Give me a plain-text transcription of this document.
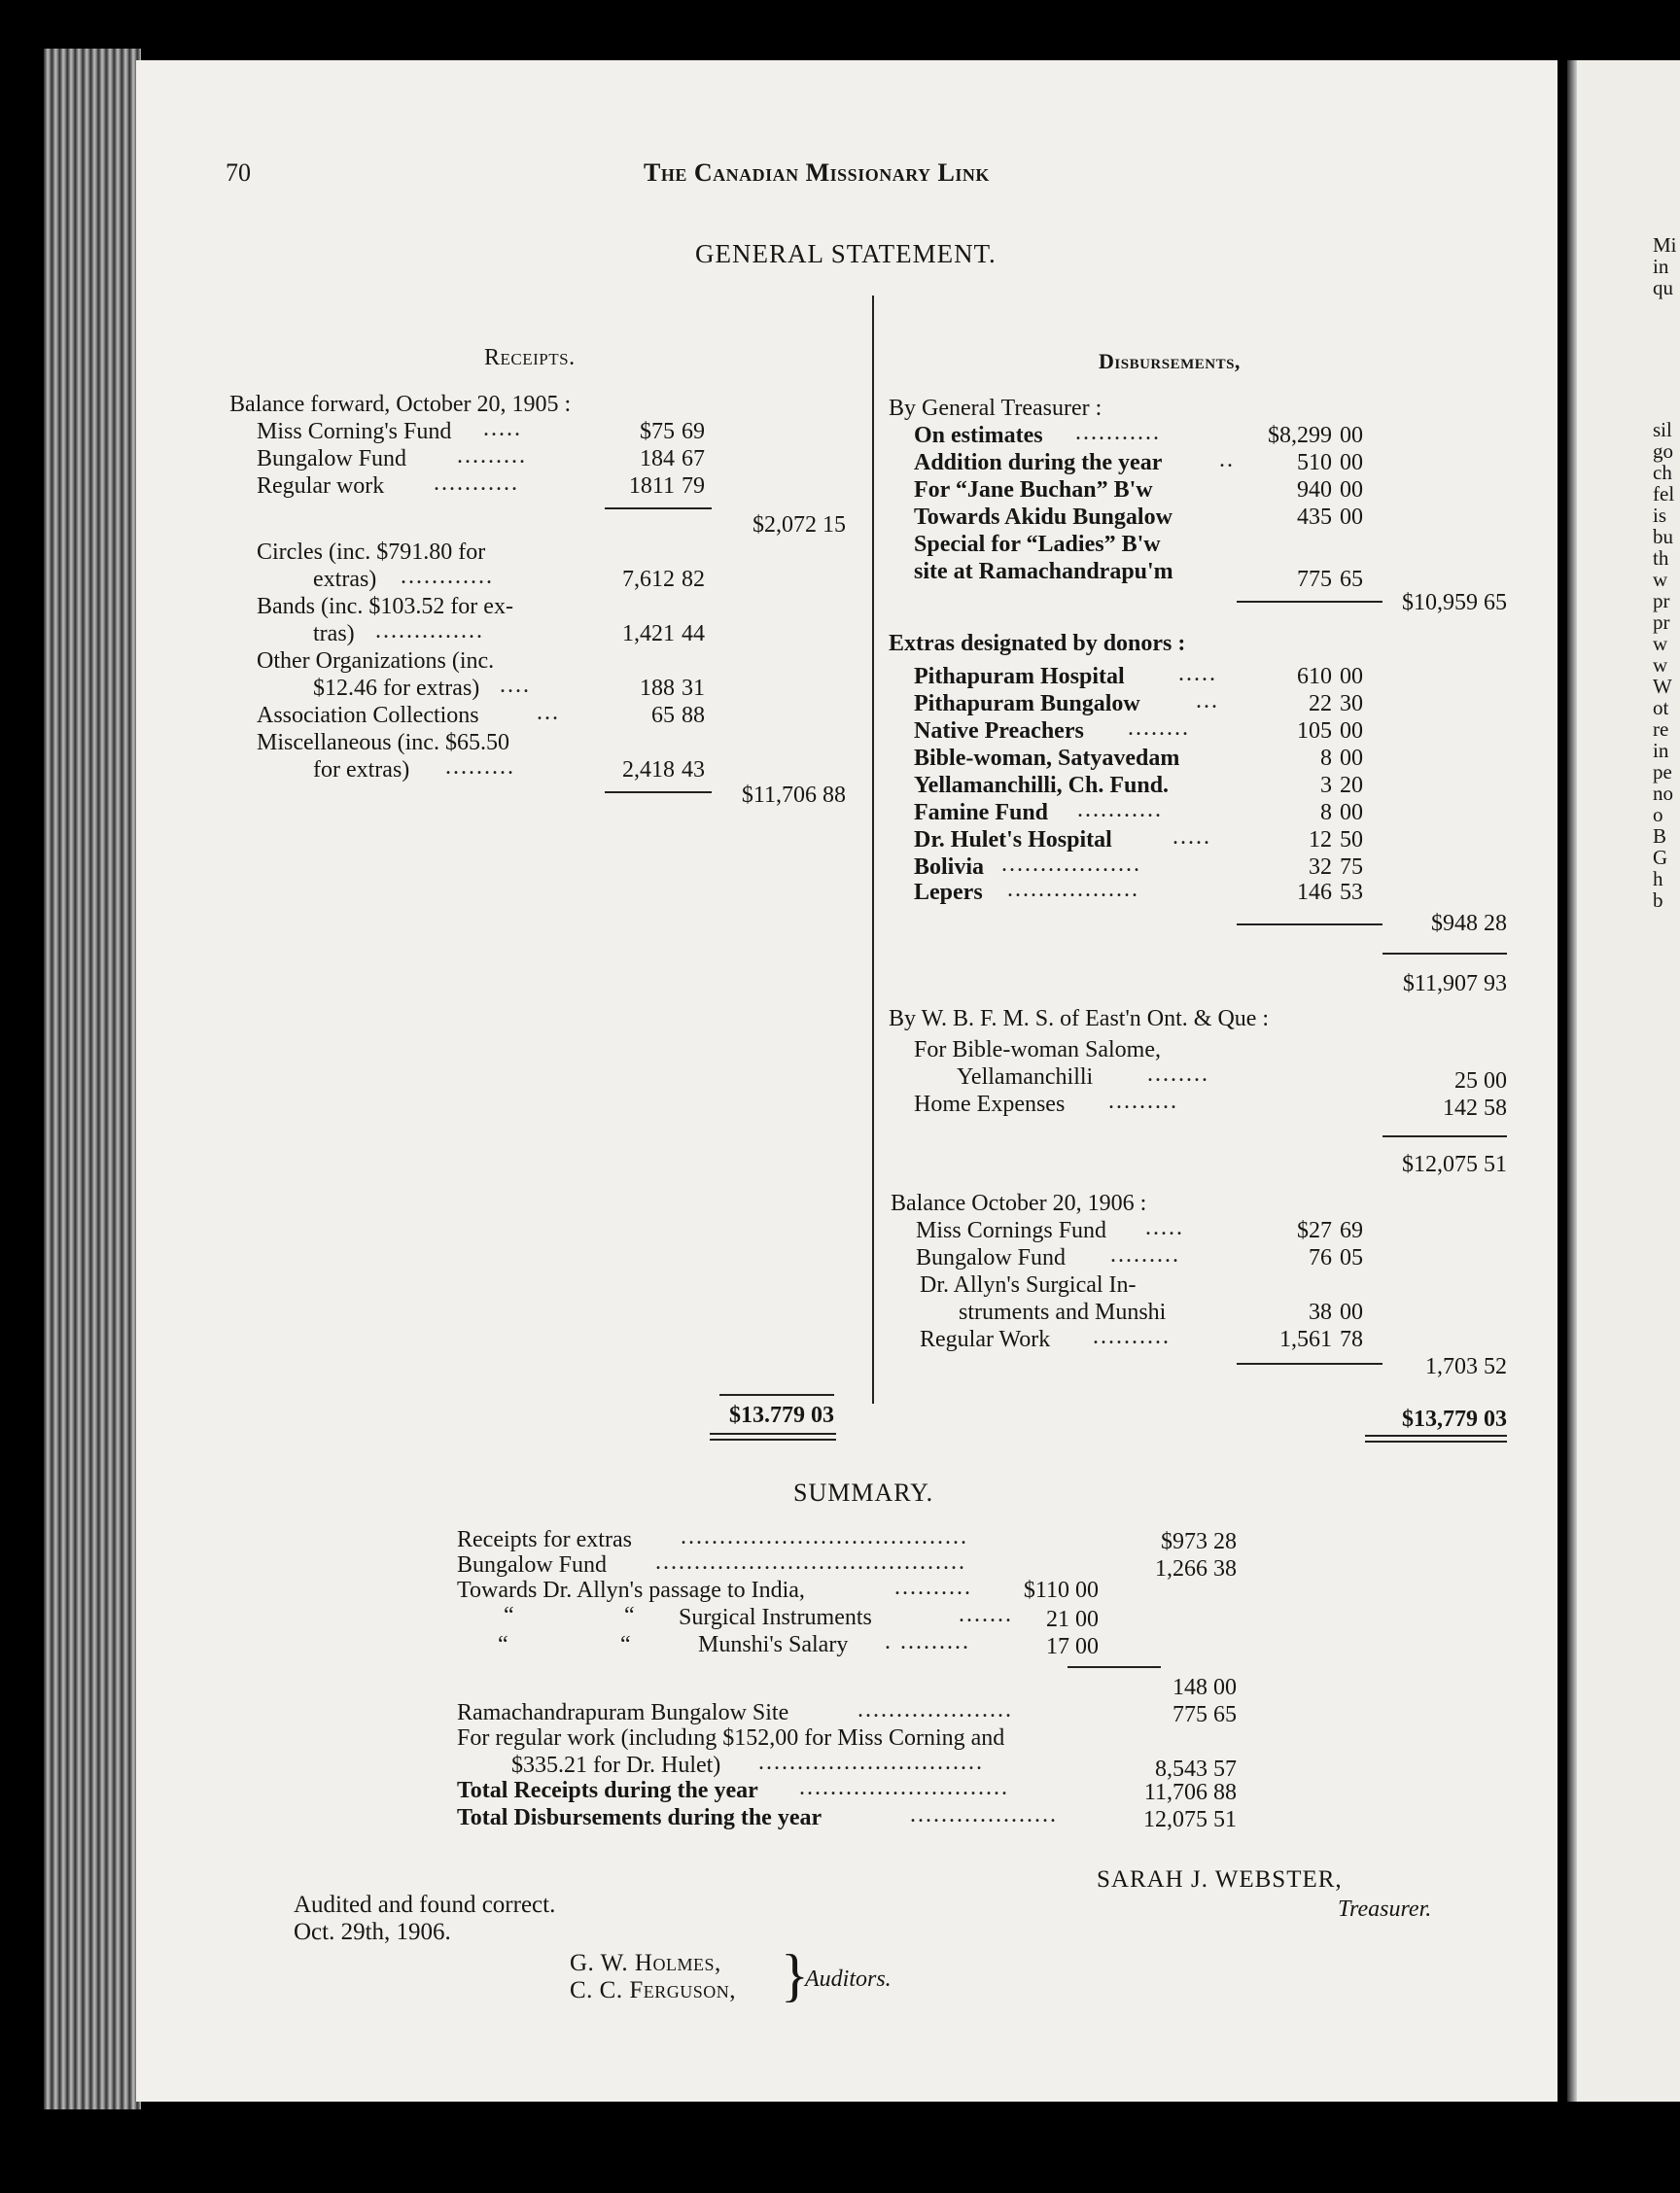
70	The Canadian Missionary Link
GENERAL STATEMENT.
Receipts.
Balance forward, October 20, 1905 :
Miss Corning's Fund .....	$75 69
Bungalow Fund .........	184 67
Regular work ...........	1811 79
$2,072 15
Circles (inc. $791.80 for
extras) ............	7,612 82
Bands (inc. $103.52 for ex-
tras) ..............	1,421 44
Other Organizations (inc.
$12.46 for extras) ....	188 31
Association Collections ...	65 88
Miscellaneous (inc. $65.50
for extras) .........	2,418 43
$11,706 88
$13.779 03
Disbursements,
By General Treasurer :
On estimates ...........	$8,299 00
Addition during the year ..	510 00
For “Jane Buchan” B'w	940 00
Towards Akidu Bungalow	435 00
Special for “Ladies” B'w
site at Ramachandrapu'm	775 65
$10,959 65
Extras designated by donors :
Pithapuram Hospital .....	610 00
Pithapuram Bungalow ...	22 30
Native Preachers ........	105 00
Bible-woman, Satyavedam	8 00
Yellamanchilli, Ch. Fund.	3 20
Famine Fund ...........	8 00
Dr. Hulet's Hospital	.....	12 50
Bolivia ..................	32 75
Lepers .................	146 53
$948 28
$11,907 93
By W. B. F. M. S. of East'n Ont. & Que :
For Bible-woman Salome,
Yellamanchilli ........	25 00
Home Expenses .........	142 58
$12,075 51
Balance October 20, 1906 :
Miss Cornings Fund .....	$27 69
Bungalow Fund .........	76 05
Dr. Allyn's Surgical In-
struments and Munshi	38 00
Regular Work ..........	1,561 78
1,703 52
$13,779 03
SUMMARY.
Receipts for extras .....................................	$973 28
Bungalow Fund ........................................	1,266 38
Towards Dr. Allyn's passage to India,	..........	$110 00
“	“ Surgical Instruments	.......	21 00
“	“	Munshi's Salary . .........	17 00
148 00
Ramachandrapuram Bungalow Site	....................	775 65
For regular work (includıng $152,00 for Miss Corning and
$335.21 for Dr. Hulet) .............................	8,543 57
Total Receipts during the year ...........................	11,706 88
Total Disbursements during the year	...................	12,075 51
SARAH J. WEBSTER,
Treasurer.
Audited and found correct.
Oct. 29th, 1906.
G. W. Holmes,
C. C. Ferguson, }
Auditors.
Mi
in
qu
sil
go
ch
fel
is
bu
th
w
pr
pr
w
w
W
ot
re
in
pe
no
o
B
G
h
b
